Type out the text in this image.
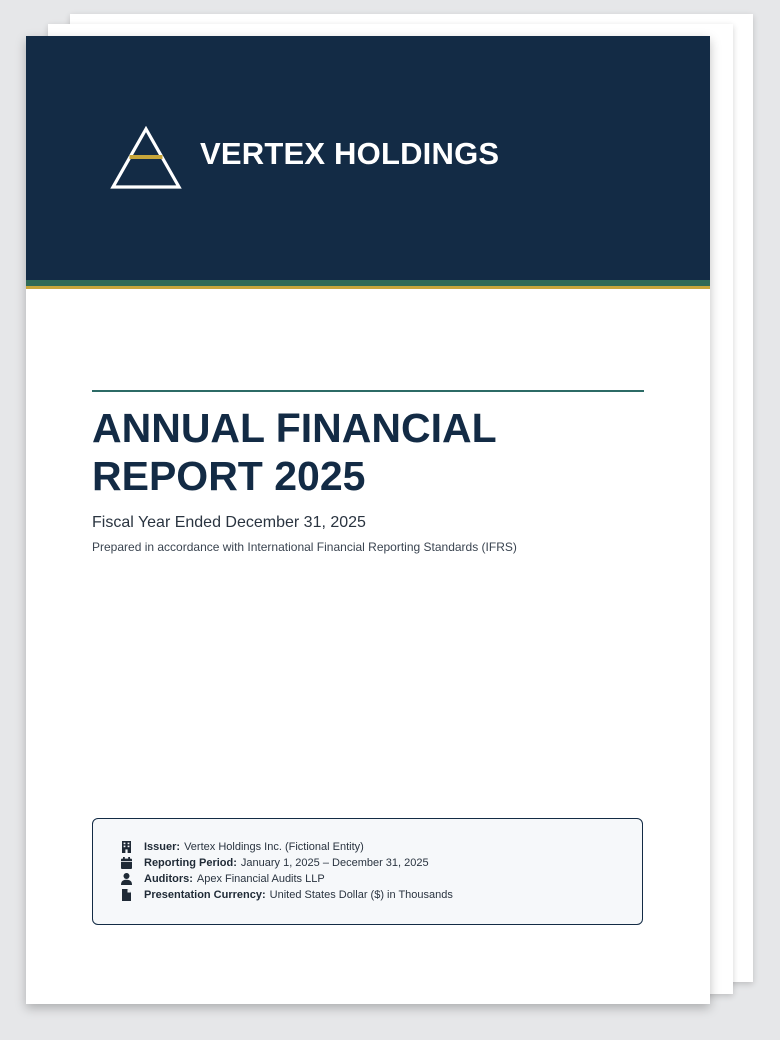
VERTEX HOLDINGS
ANNUAL FINANCIAL
REPORT 2025
Fiscal Year Ended December 31, 2025
Prepared in accordance with International Financial Reporting Standards (IFRS)
Issuer: Vertex Holdings Inc. (Fictional Entity)
Reporting Period: January 1, 2025 – December 31, 2025
Auditors: Apex Financial Audits LLP
Presentation Currency: United States Dollar ($) in Thousands
